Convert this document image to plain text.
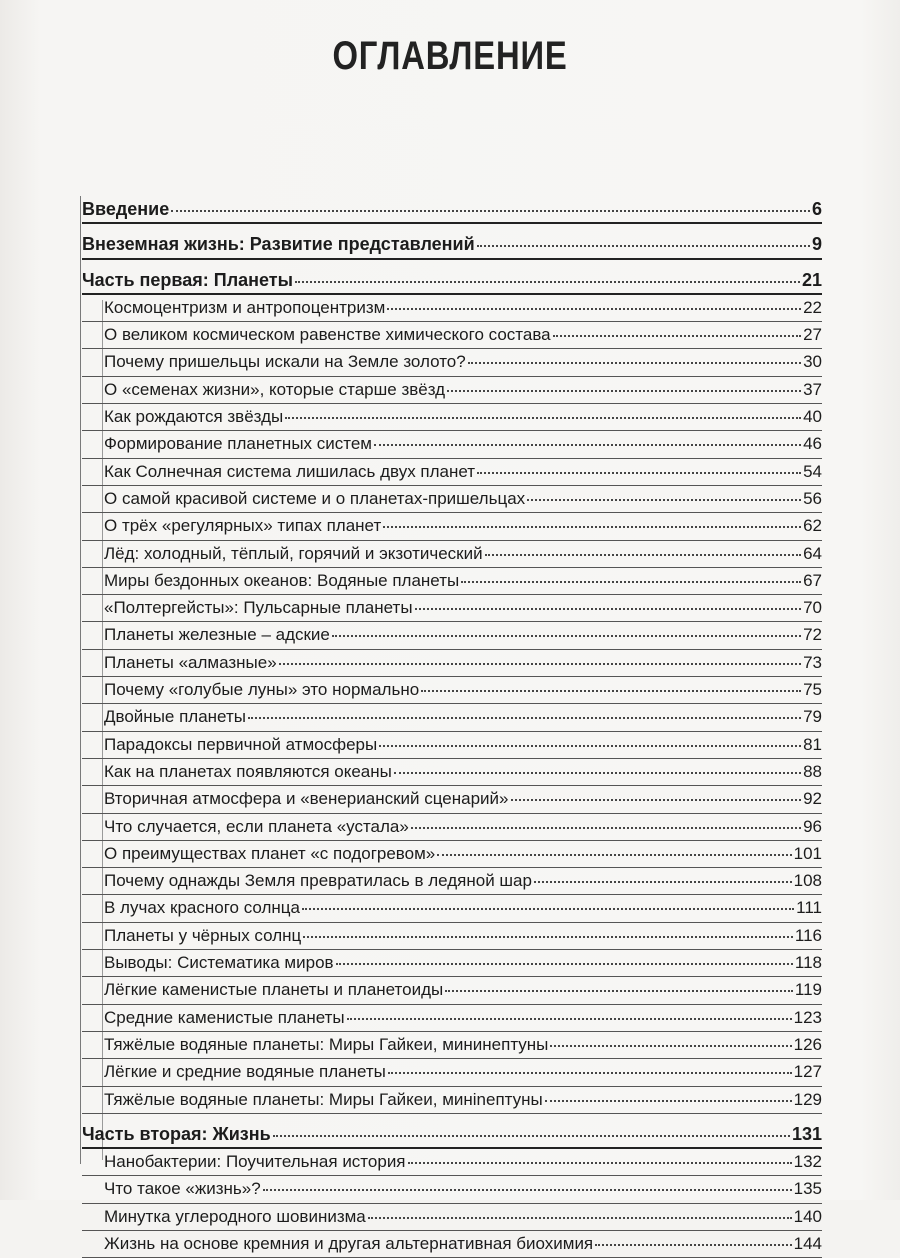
ОГЛАВЛЕНИЕ
Введение	6
Внеземная жизнь: Развитие представлений	9
Часть первая: Планеты	21
Космоцентризм и антропоцентризм	22
О великом космическом равенстве химического состава	27
Почему пришельцы искали на Земле золото?	30
О «семенах жизни», которые старше звёзд	37
Как рождаются звёзды	40
Формирование планетных систем	46
Как Солнечная система лишилась двух планет	54
О самой красивой системе и о планетах-пришельцах	56
О трёх «регулярных» типах планет	62
Лёд: холодный, тёплый, горячий и экзотический	64
Миры бездонных океанов: Водяные планеты	67
«Полтергейсты»: Пульсарные планеты	70
Планеты железные – адские	72
Планеты «алмазные»	73
Почему «голубые луны» это нормально	75
Двойные планеты	79
Парадоксы первичной атмосферы	81
Как на планетах появляются океаны	88
Вторичная атмосфера и «венерианский сценарий»	92
Что случается, если планета «устала»	96
О преимуществах планет «с подогревом»	101
Почему однажды Земля превратилась в ледяной шар	108
В лучах красного солнца	111
Планеты у чёрных солнц	116
Выводы: Систематика миров	118
Лёгкие каменистые планеты и планетоиды	119
Средние каменистые планеты	123
Тяжёлые водяные планеты: Миры Гайкеи, мининептуны	126
Лёгкие и средние водяные планеты	127
Тяжёлые водяные планеты: Миры Гайкеи, минineптуны	129
Часть вторая: Жизнь	131
Нанобактерии: Поучительная история	132
Что такое «жизнь»?	135
Минутка углеродного шовинизма	140
Жизнь на основе кремния и другая альтернативная биохимия	144
